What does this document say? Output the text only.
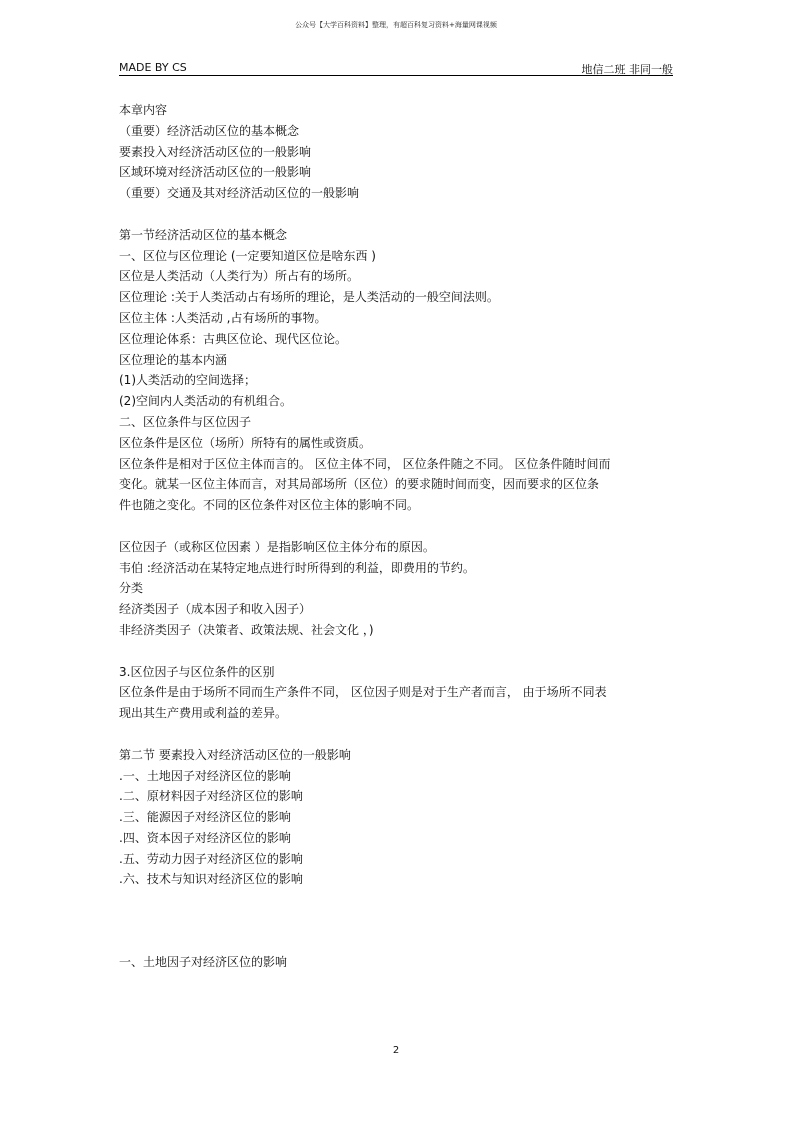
公众号【大学百科资料】整理，有超百科复习资料+海量网课视频
MADE BY CS	地信二班 非同一般
本章内容
（重要）经济活动区位的基本概念
要素投入对经济活动区位的一般影响
区域环境对经济活动区位的一般影响
（重要）交通及其对经济活动区位的一般影响
第一节经济活动区位的基本概念
一、区位与区位理论 (一定要知道区位是啥东西 )
区位是人类活动（人类行为）所占有的场所。
区位理论 :关于人类活动占有场所的理论，是人类活动的一般空间法则。
区位主体 :人类活动 ,占有场所的事物。
区位理论体系：古典区位论、现代区位论。
区位理论的基本内涵
(1)人类活动的空间选择；
(2)空间内人类活动的有机组合。
二、区位条件与区位因子
区位条件是区位（场所）所特有的属性或资质。
区位条件是相对于区位主体而言的。 区位主体不同， 区位条件随之不同。 区位条件随时间而
变化。就某一区位主体而言，对其局部场所（区位）的要求随时间而变，因而要求的区位条
件也随之变化。不同的区位条件对区位主体的影响不同。
区位因子（或称区位因素 ）是指影响区位主体分布的原因。
韦伯 :经济活动在某特定地点进行时所得到的利益，即费用的节约。
分类
经济类因子（成本因子和收入因子）
非经济类因子（决策者、政策法规、社会文化 ，)
3.区位因子与区位条件的区别
区位条件是由于场所不同而生产条件不同， 区位因子则是对于生产者而言， 由于场所不同表
现出其生产费用或利益的差异。
第二节 要素投入对经济活动区位的一般影响
.一、土地因子对经济区位的影响
.二、原材料因子对经济区位的影响
.三、能源因子对经济区位的影响
.四、资本因子对经济区位的影响
.五、劳动力因子对经济区位的影响
.六、技术与知识对经济区位的影响
一、土地因子对经济区位的影响
2
